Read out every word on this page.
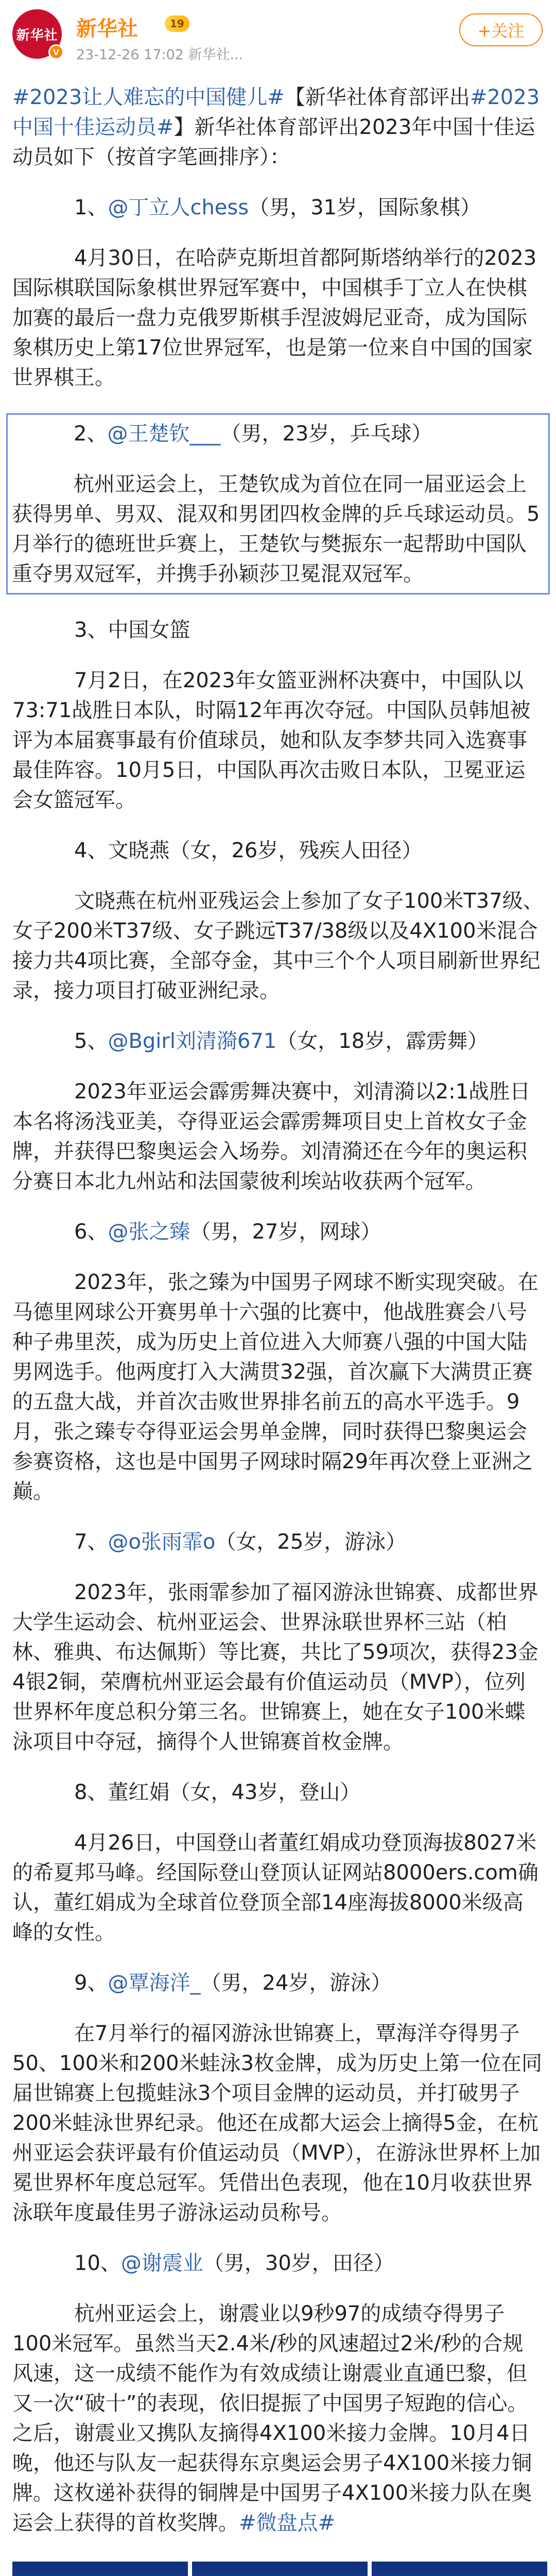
新华社
V
新华社	19
23-12-26 17:02 新华社...
+关注
#2023让人难忘的中国健儿#【新华社体育部评出#2023中国十佳运动员#】新华社体育部评出2023年中国十佳运动员如下（按首字笔画排序）：
1、@丁立人chess（男，31岁，国际象棋）
4月30日，在哈萨克斯坦首都阿斯塔纳举行的2023国际棋联国际象棋世界冠军赛中，中国棋手丁立人在快棋加赛的最后一盘力克俄罗斯棋手涅波姆尼亚奇，成为国际象棋历史上第17位世界冠军，也是第一位来自中国的国家世界棋王。
2、@王楚钦___（男，23岁，乒乓球）
杭州亚运会上，王楚钦成为首位在同一届亚运会上获得男单、男双、混双和男团四枚金牌的乒乓球运动员。5月举行的德班世乒赛上，王楚钦与樊振东一起帮助中国队重夺男双冠军，并携手孙颖莎卫冕混双冠军。
3、中国女篮
7月2日，在2023年女篮亚洲杯决赛中，中国队以73:71战胜日本队，时隔12年再次夺冠。中国队员韩旭被评为本届赛事最有价值球员，她和队友李梦共同入选赛事最佳阵容。10月5日，中国队再次击败日本队，卫冕亚运会女篮冠军。
4、文晓燕（女，26岁，残疾人田径）
文晓燕在杭州亚残运会上参加了女子100米T37级、女子200米T37级、女子跳远T37/38级以及4X100米混合接力共4项比赛，全部夺金，其中三个个人项目刷新世界纪录，接力项目打破亚洲纪录。
5、@Bgirl刘清漪671（女，18岁，霹雳舞）
2023年亚运会霹雳舞决赛中，刘清漪以2:1战胜日本名将汤浅亚美，夺得亚运会霹雳舞项目史上首枚女子金牌，并获得巴黎奥运会入场券。刘清漪还在今年的奥运积分赛日本北九州站和法国蒙彼利埃站收获两个冠军。
6、@张之臻（男，27岁，网球）
2023年，张之臻为中国男子网球不断实现突破。在马德里网球公开赛男单十六强的比赛中，他战胜赛会八号种子弗里茨，成为历史上首位进入大师赛八强的中国大陆男网选手。他两度打入大满贯32强，首次赢下大满贯正赛的五盘大战，并首次击败世界排名前五的高水平选手。9月，张之臻专夺得亚运会男单金牌，同时获得巴黎奥运会参赛资格，这也是中国男子网球时隔29年再次登上亚洲之巅。
7、@o张雨霏o（女，25岁，游泳）
2023年，张雨霏参加了福冈游泳世锦赛、成都世界大学生运动会、杭州亚运会、世界泳联世界杯三站（柏林、雅典、布达佩斯）等比赛，共比了59项次，获得23金4银2铜，荣膺杭州亚运会最有价值运动员（MVP），位列世界杯年度总积分第三名。世锦赛上，她在女子100米蝶泳项目中夺冠，摘得个人世锦赛首枚金牌。
8、董红娟（女，43岁，登山）
4月26日，中国登山者董红娟成功登顶海拔8027米的希夏邦马峰。经国际登山登顶认证网站8000ers.com确认，董红娟成为全球首位登顶全部14座海拔8000米级高峰的女性。
9、@覃海洋_（男，24岁，游泳）
在7月举行的福冈游泳世锦赛上，覃海洋夺得男子50、100米和200米蛙泳3枚金牌，成为历史上第一位在同届世锦赛上包揽蛙泳3个项目金牌的运动员，并打破男子200米蛙泳世界纪录。他还在成都大运会上摘得5金，在杭州亚运会获评最有价值运动员（MVP），在游泳世界杯上加冕世界杯年度总冠军。凭借出色表现，他在10月收获世界泳联年度最佳男子游泳运动员称号。
10、@谢震业（男，30岁，田径）
杭州亚运会上，谢震业以9秒97的成绩夺得男子100米冠军。虽然当天2.4米/秒的风速超过2米/秒的合规风速，这一成绩不能作为有效成绩让谢震业直通巴黎，但又一次“破十”的表现，依旧提振了中国男子短跑的信心。之后，谢震业又携队友摘得4X100米接力金牌。10月4日晚，他还与队友一起获得东京奥运会男子4X100米接力铜牌。这枚递补获得的铜牌是中国男子4X100米接力队在奥运会上获得的首枚奖牌。#微盘点#
